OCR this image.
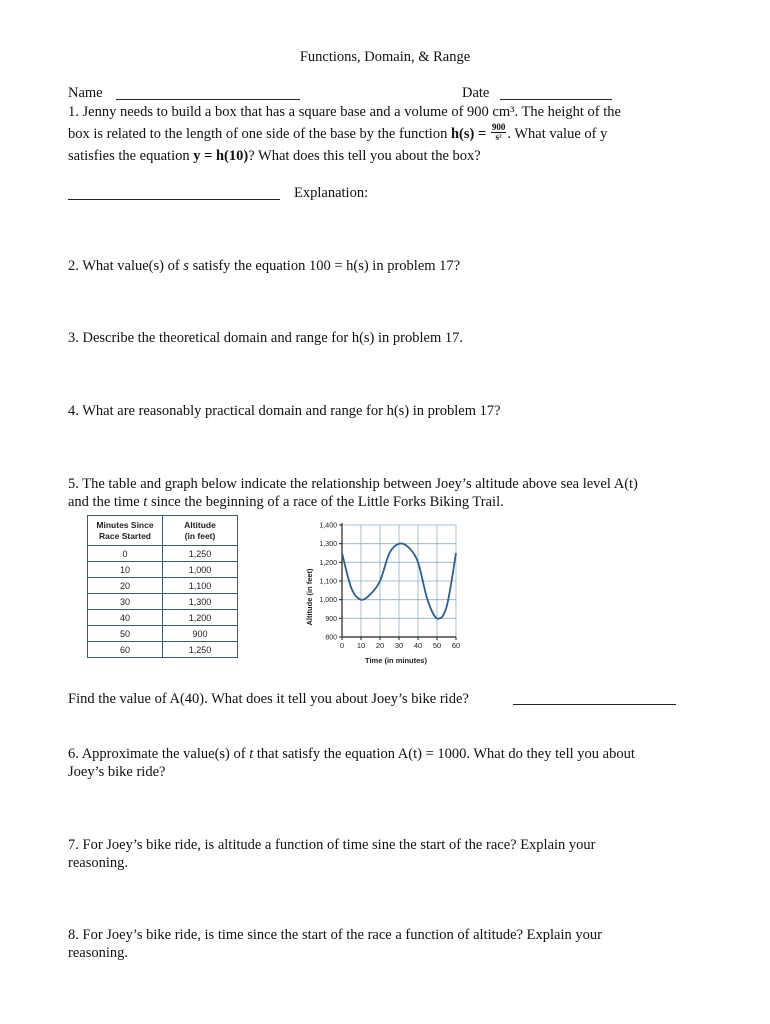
Functions, Domain, & Range
Name	Date
1. Jenny needs to build a box that has a square base and a volume of 900 cm³. The height of the
box is related to the length of one side of the base by the function $h(s) = \frac{900}{\text{s²}}$ . What value of y
satisfies the equation y = h(10)? What does this tell you about the box?
Explanation:
2. What value(s) of s satisfy the equation 100 = h(s) in problem 17?
3. Describe the theoretical domain and range for h(s) in problem 17.
4. What are reasonably practical domain and range for h(s) in problem 17?
5. The table and graph below indicate the relationship between Joey’s altitude above sea level A(t)
and the time t since the beginning of a race of the Little Forks Biking Trail.
Minutes Since
Race Started	Altitude
(in feet)
0	1,250
10	1,000
20	1,100
30	1,300
40	1,200
50	900
60	1,250	0 10 20 30 40 50 60
800
900
1,000
1,100
1,200
1,300
1,400
Time (in minutes)
Altitude (in feet)
Find the value of A(40). What does it tell you about Joey’s bike ride?
6. Approximate the value(s) of t that satisfy the equation A(t) = 1000. What do they tell you about
Joey’s bike ride?
7. For Joey’s bike ride, is altitude a function of time sine the start of the race? Explain your
reasoning.
8. For Joey’s bike ride, is time since the start of the race a function of altitude? Explain your
reasoning.
